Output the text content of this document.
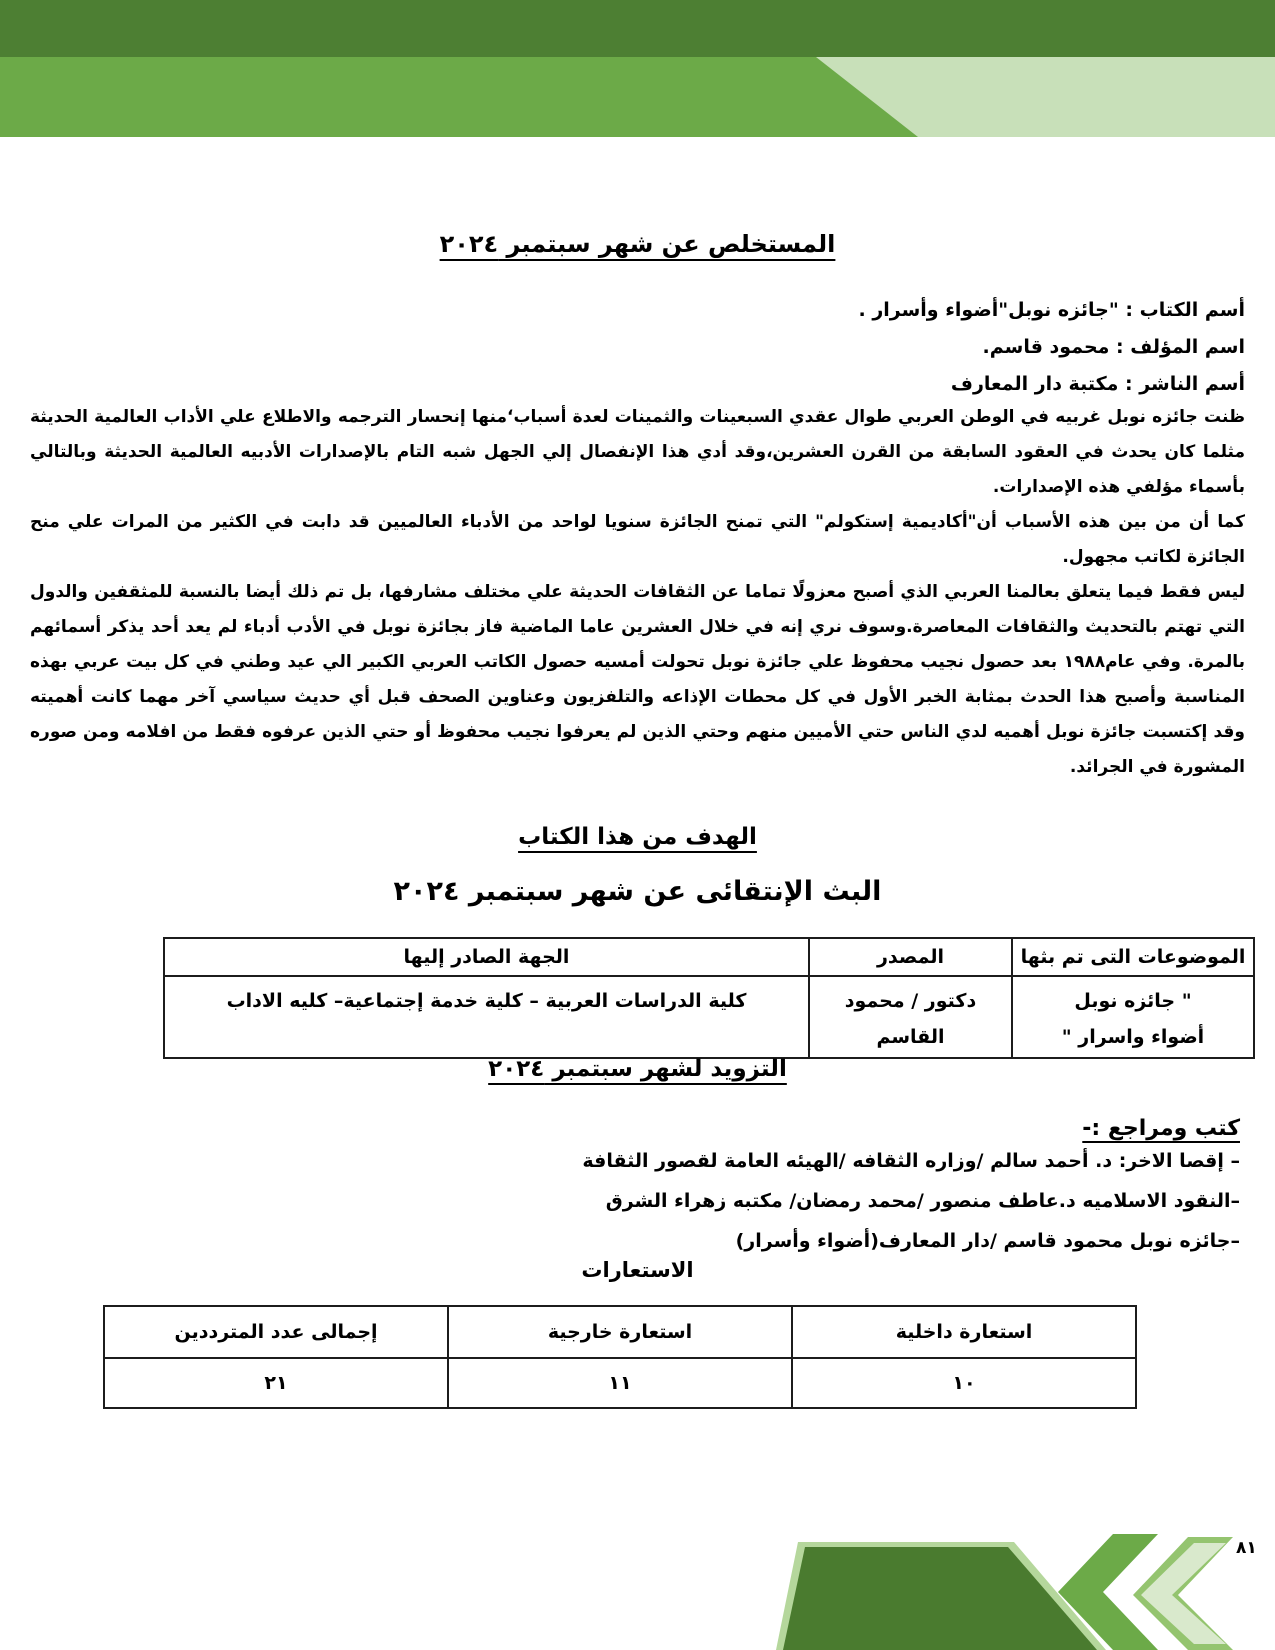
المستخلص عن شهر سبتمبر ٢٠٢٤
أسم الكتاب : "جائزه نوبل"أضواء وأسرار .
اسم المؤلف : محمود قاسم.
أسم الناشر : مكتبة دار المعارف

ظنت جائزه نوبل غربيه في الوطن العربي طوال عقدي السبعينات والثمينات لعدة أسباب‘منها إنحسار الترجمه والاطلاع علي الأداب العالمية الحديثة مثلما كان يحدث في العقود السابقة من القرن العشرين،وقد أدي هذا الإنفصال إلي الجهل شبه التام بالإصدارات الأدبيه العالمية الحديثة وبالتالي بأسماء مؤلفي هذه الإصدارات.

كما أن من بين هذه الأسباب أن"أكاديمية إستكولم" التي تمنح الجائزة سنويا لواحد من الأدباء العالميين قد دابت في الكثير من المرات علي منح الجائزة لكاتب مجهول.

ليس فقط فيما يتعلق بعالمنا العربي الذي أصبح معزولًا تماما عن الثقافات الحديثة علي مختلف مشارفها، بل تم ذلك أيضا بالنسبة للمثقفين والدول التي تهتم بالتحديث والثقافات المعاصرة.وسوف نري إنه في خلال العشرين عاما الماضية فاز بجائزة نوبل في الأدب أدباء لم يعد أحد يذكر أسمائهم بالمرة. وفي عام١٩٨٨ بعد حصول نجيب محفوظ علي جائزة نوبل تحولت أمسيه حصول الكاتب العربي الكبير الي عيد وطني في كل بيت عربي بهذه المناسبة وأصبح هذا الحدث بمثابة الخبر الأول في كل محطات الإذاعه والتلفزيون وعناوين الصحف قبل أي حديث سياسي آخر مهما كانت أهميته وقد إكتسبت جائزة نوبل أهميه لدي الناس حتي الأميين منهم وحتي الذين لم يعرفوا نجيب محفوظ أو حتي الذين عرفوه فقط من افلامه ومن صوره المشورة في الجرائد.

الهدف من هذا الكتاب
البث الإنتقائى عن شهر سبتمبر ٢٠٢٤
الموضوعات التى تم بثها	المصدر	الجهة الصادر إليها

" جائزه نوبل
أضواء واسرار "	دكتور / محمود القاسم	كلية الدراسات العربية – كلية خدمة إجتماعية– كليه الاداب
التزويد لشهر سبتمبر ٢٠٢٤
كتب ومراجع :-
– إقصا الاخر: د. أحمد سالم /وزاره الثقافه /الهيئه العامة لقصور الثقافة
–النقود الاسلاميه د.عاطف منصور /محمد رمضان/ مكتبه زهراء الشرق
–جائزه نوبل محمود قاسم /دار المعارف(أضواء وأسرار)
الاستعارات
استعارة داخلية	استعارة خارجية	إجمالى عدد المترددين
١٠	١١	٢١
٨١
